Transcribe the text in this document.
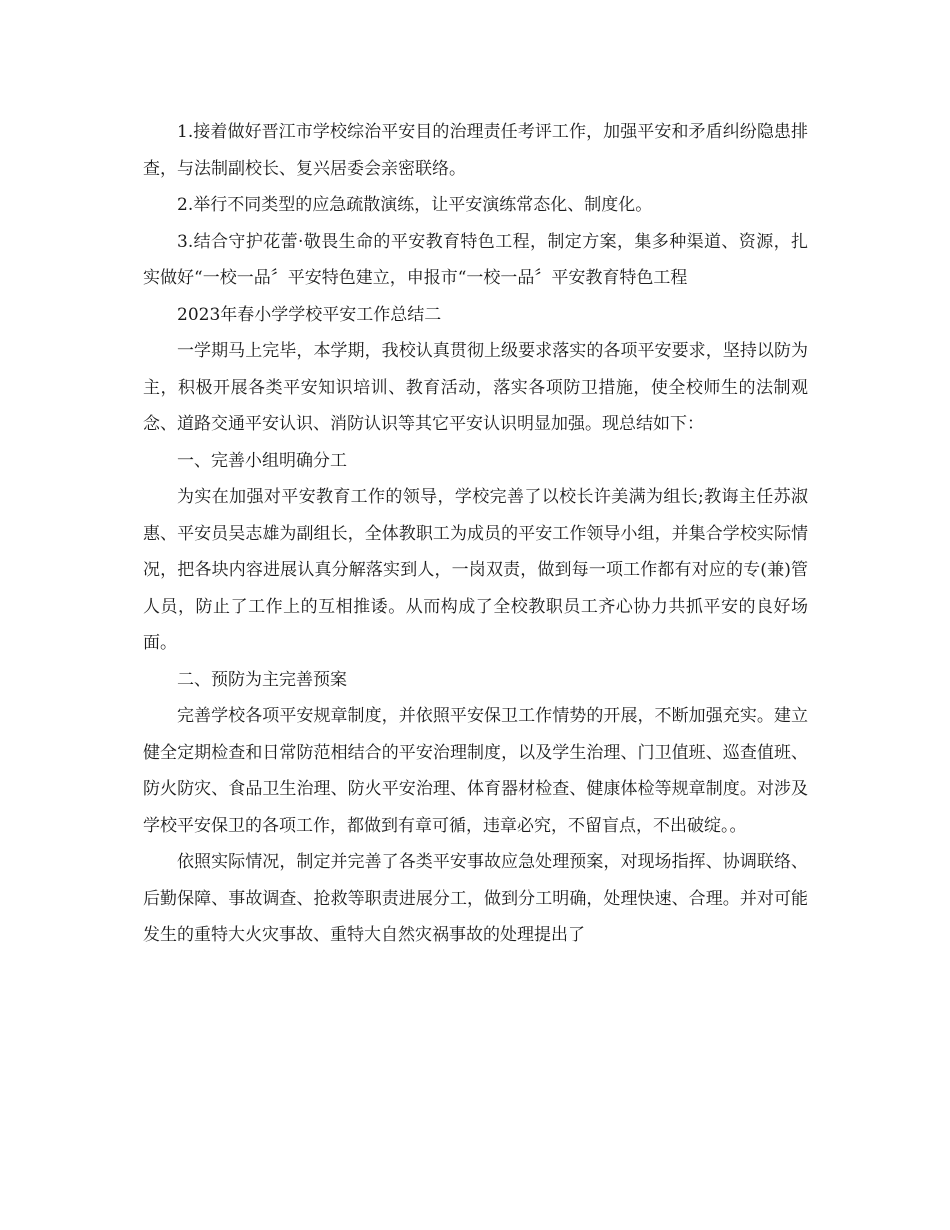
1.接着做好晋江市学校综治平安目的治理责任考评工作，加强平安和矛盾纠纷隐患排查，与法制副校长、复兴居委会亲密联络。

2.举行不同类型的应急疏散演练，让平安演练常态化、制度化。

3.结合守护花蕾·敬畏生命的平安教育特色工程，制定方案，集多种渠道、资源，扎实做好“一校一品〞平安特色建立，申报市“一校一品〞平安教育特色工程

2023年春小学学校平安工作总结二

一学期马上完毕，本学期，我校认真贯彻上级要求落实的各项平安要求，坚持以防为主，积极开展各类平安知识培训、教育活动，落实各项防卫措施，使全校师生的法制观念、道路交通平安认识、消防认识等其它平安认识明显加强。现总结如下：

一、完善小组明确分工

为实在加强对平安教育工作的领导，学校完善了以校长许美满为组长;教诲主任苏淑惠、平安员吴志雄为副组长，全体教职工为成员的平安工作领导小组，并集合学校实际情况，把各块内容进展认真分解落实到人，一岗双责，做到每一项工作都有对应的专(兼)管人员，防止了工作上的互相推诿。从而构成了全校教职员工齐心协力共抓平安的良好场面。

二、预防为主完善预案

完善学校各项平安规章制度，并依照平安保卫工作情势的开展，不断加强充实。建立健全定期检查和日常防范相结合的平安治理制度，以及学生治理、门卫值班、巡查值班、防火防灾、食品卫生治理、防火平安治理、体育器材检查、健康体检等规章制度。对涉及学校平安保卫的各项工作，都做到有章可循，违章必究，不留盲点，不出破绽。。

依照实际情况，制定并完善了各类平安事故应急处理预案，对现场指挥、协调联络、后勤保障、事故调查、抢救等职责进展分工，做到分工明确，处理快速、合理。并对可能发生的重特大火灾事故、重特大自然灾祸事故的处理提出了
